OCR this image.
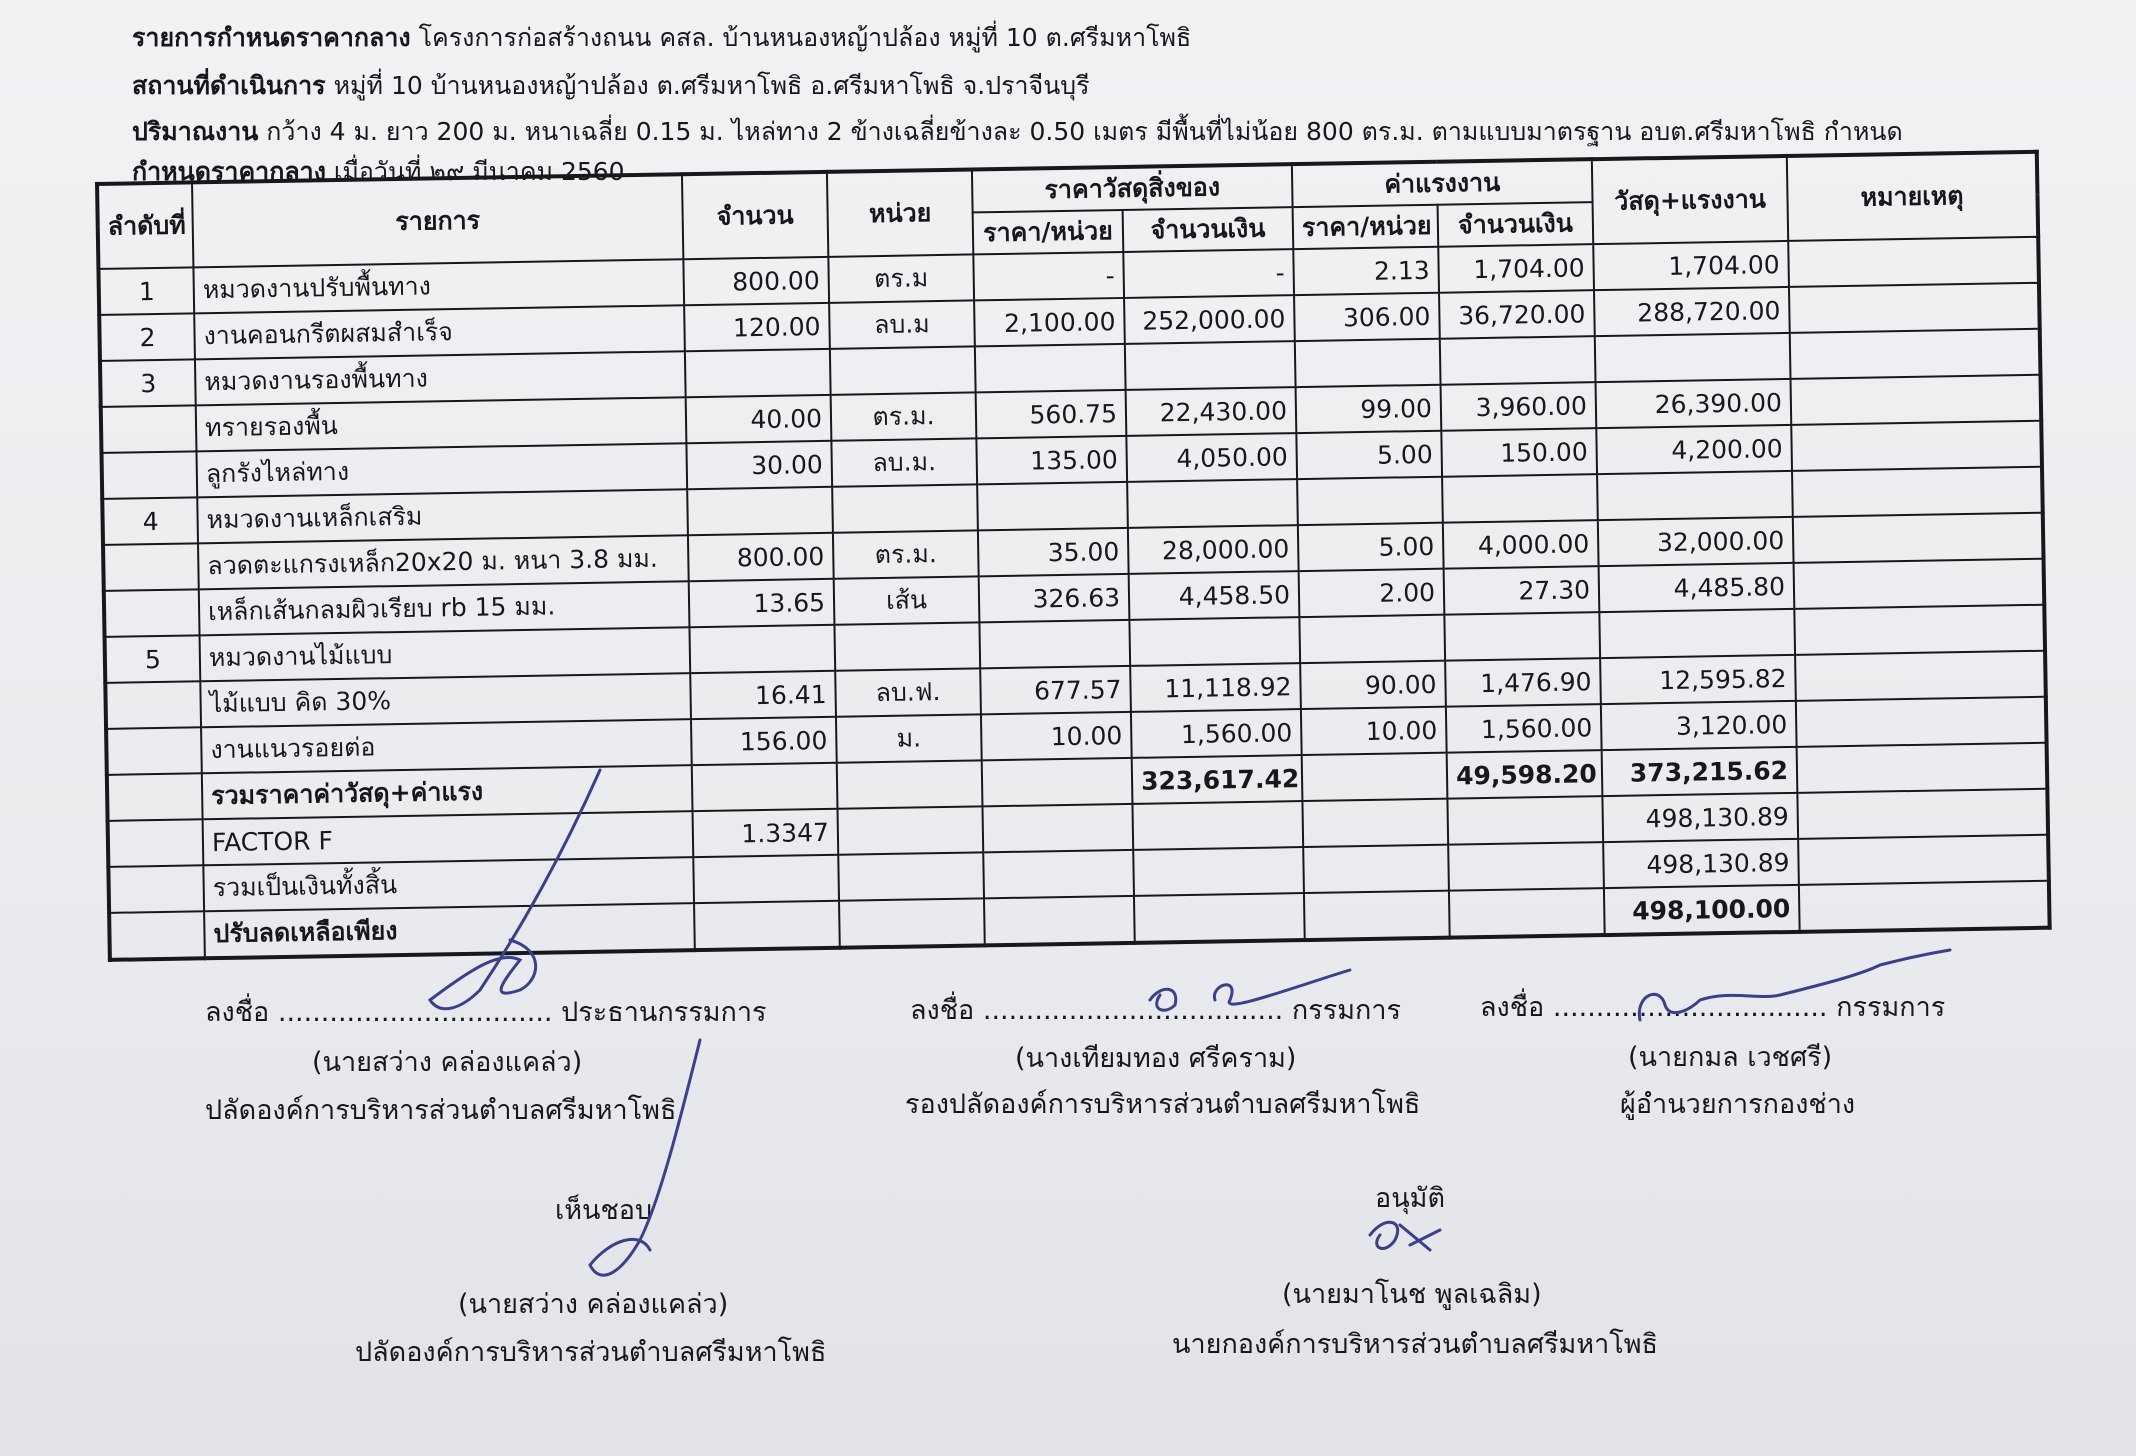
รายการกำหนดราคากลาง โครงการก่อสร้างถนน คสล. บ้านหนองหญ้าปล้อง หมู่ที่ 10 ต.ศรีมหาโพธิ
สถานที่ดำเนินการ หมู่ที่ 10 บ้านหนองหญ้าปล้อง ต.ศรีมหาโพธิ อ.ศรีมหาโพธิ จ.ปราจีนบุรี
ปริมาณงาน กว้าง 4 ม. ยาว 200 ม. หนาเฉลี่ย 0.15 ม. ไหล่ทาง 2 ข้างเฉลี่ยข้างละ 0.50 เมตร มีพื้นที่ไม่น้อย 800 ตร.ม. ตามแบบมาตรฐาน อบต.ศรีมหาโพธิ กำหนด
กำหนดราคากลาง เมื่อวันที่ ๒๙ มีนาคม 2560
ลำดับที่	รายการ	จำนวน	หน่วย	ราคาวัสดุสิ่งของ		ค่าแรงงาน		วัสดุ+แรงงาน	หมายเหตุ
				ราคา/หน่วย	จำนวนเงิน	ราคา/หน่วย	จำนวนเงิน		
1	หมวดงานปรับพื้นทาง	800.00	ตร.ม	-	-	2.13	1,704.00	1,704.00	
2	งานคอนกรีตผสมสำเร็จ	120.00	ลบ.ม	2,100.00	252,000.00	306.00	36,720.00	288,720.00	
3	หมวดงานรองพื้นทาง								
	ทรายรองพื้น	40.00	ตร.ม.	560.75	22,430.00	99.00	3,960.00	26,390.00	
	ลูกรังไหล่ทาง	30.00	ลบ.ม.	135.00	4,050.00	5.00	150.00	4,200.00	
4	หมวดงานเหล็กเสริม								
	ลวดตะแกรงเหล็ก20x20 ม. หนา 3.8 มม.	800.00	ตร.ม.	35.00	28,000.00	5.00	4,000.00	32,000.00	
	เหล็กเส้นกลมผิวเรียบ rb 15 มม.	13.65	เส้น	326.63	4,458.50	2.00	27.30	4,485.80	
5	หมวดงานไม้แบบ								
	ไม้แบบ คิด 30%	16.41	ลบ.ฟ.	677.57	11,118.92	90.00	1,476.90	12,595.82	
	งานแนวรอยต่อ	156.00	ม.	10.00	1,560.00	10.00	1,560.00	3,120.00	
	รวมราคาค่าวัสดุ+ค่าแรง				323,617.42		49,598.20	373,215.62	
	FACTOR F	1.3347						498,130.89	
	รวมเป็นเงินทั้งสิ้น							498,130.89	
	ปรับลดเหลือเพียง							498,100.00	
ลงชื่อ ................................ ประธานกรรมการ
(นายสว่าง คล่องแคล่ว)
ปลัดองค์การบริหารส่วนตำบลศรีมหาโพธิ
ลงชื่อ ................................... กรรมการ
(นางเทียมทอง ศรีคราม)
รองปลัดองค์การบริหารส่วนตำบลศรีมหาโพธิ
ลงชื่อ ................................ กรรมการ
(นายกมล เวชศรี)
ผู้อำนวยการกองช่าง
เห็นชอบ
(นายสว่าง คล่องแคล่ว)
ปลัดองค์การบริหารส่วนตำบลศรีมหาโพธิ
อนุมัติ
(นายมาโนช พูลเฉลิม)
นายกองค์การบริหารส่วนตำบลศรีมหาโพธิ
